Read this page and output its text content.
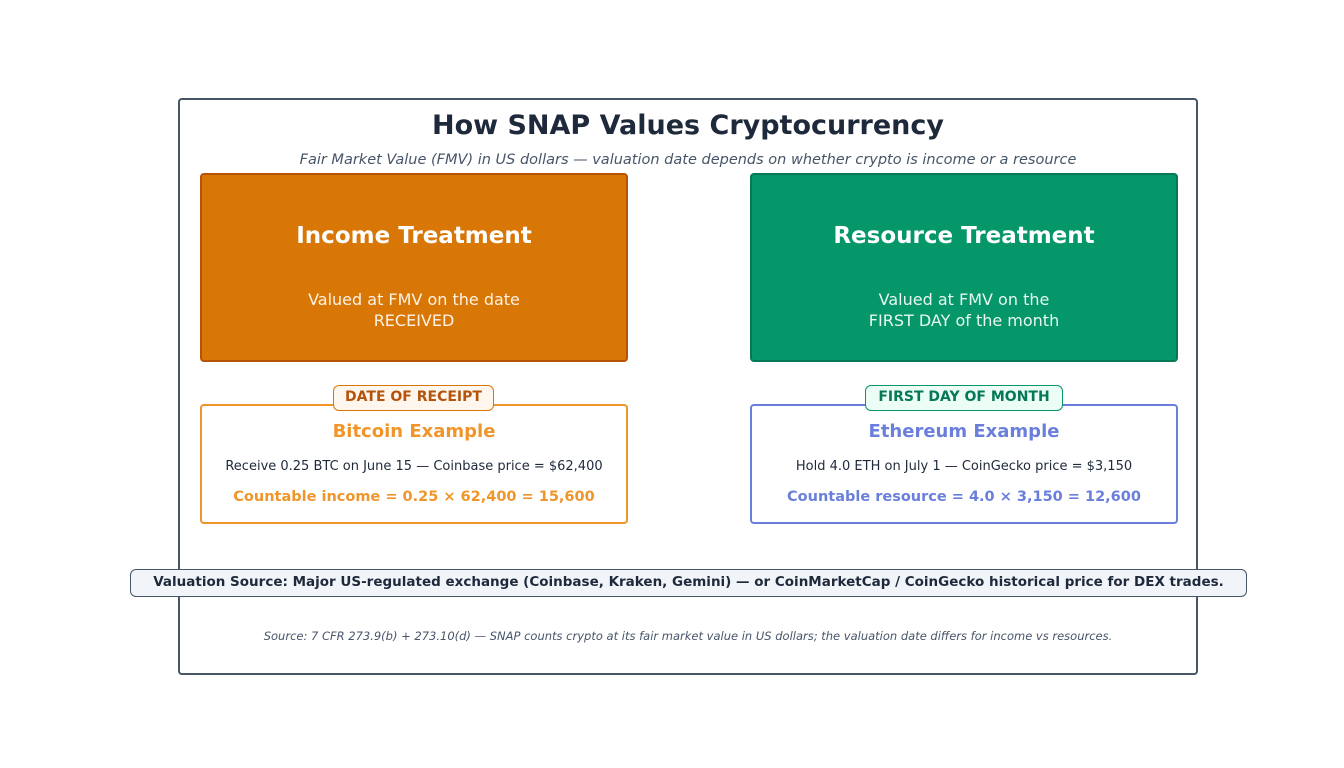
How SNAP Values Cryptocurrency
Fair Market Value (FMV) in US dollars — valuation date depends on whether crypto is income or a resource
Income Treatment
Valued at FMV on the date
RECEIVED
Resource Treatment
Valued at FMV on the
FIRST DAY of the month
DATE OF RECEIPT	FIRST DAY OF MONTH
Bitcoin Example
Receive 0.25 BTC on June 15 — Coinbase price = $62,400
Countable income = 0.25 × 62,400 = 15,600
Ethereum Example
Hold 4.0 ETH on July 1 — CoinGecko price = $3,150
Countable resource = 4.0 × 3,150 = 12,600
Valuation Source: Major US-regulated exchange (Coinbase, Kraken, Gemini) — or CoinMarketCap / CoinGecko historical price for DEX trades.
Source: 7 CFR 273.9(b) + 273.10(d) — SNAP counts crypto at its fair market value in US dollars; the valuation date differs for income vs resources.
